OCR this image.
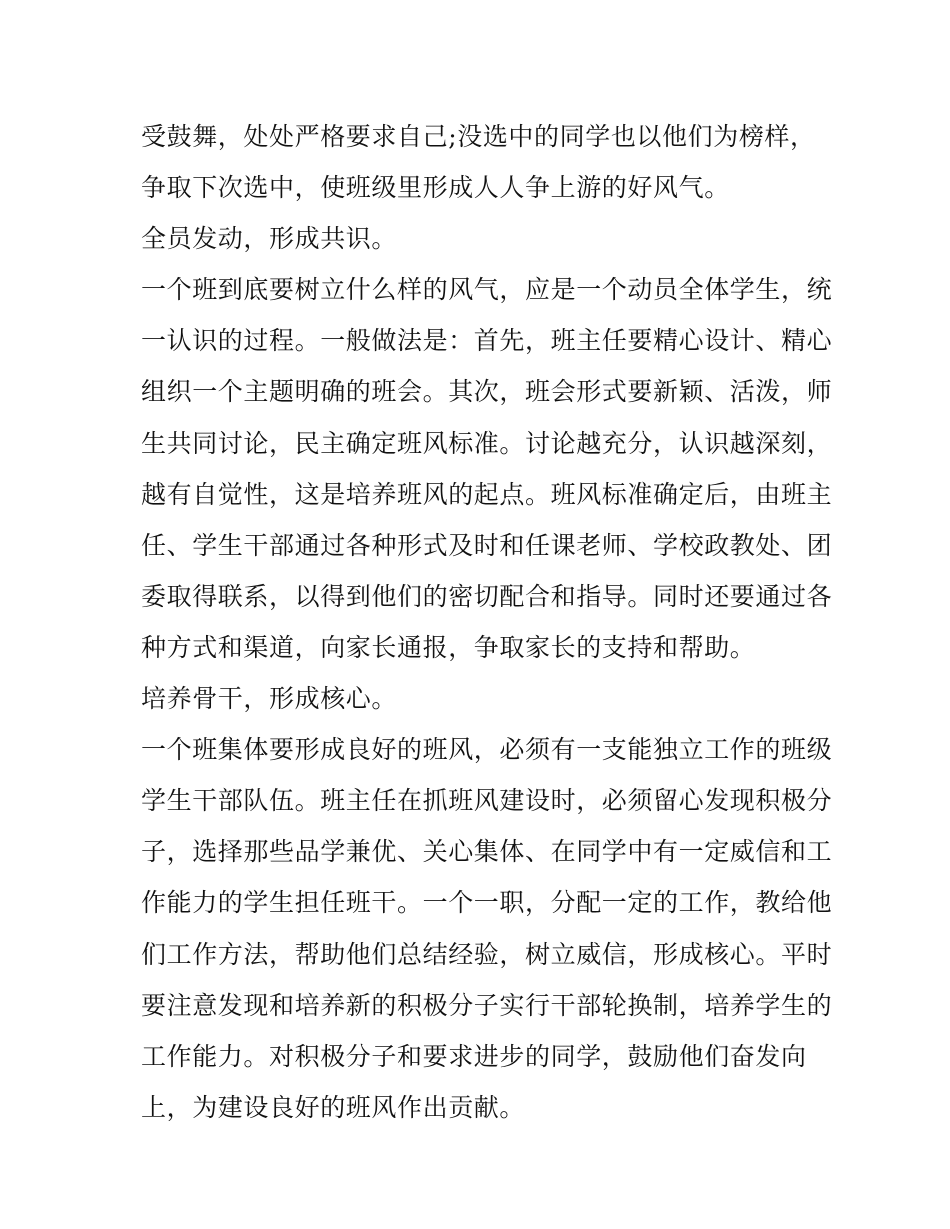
受鼓舞，处处严格要求自己;没选中的同学也以他们为榜样，
争取下次选中，使班级里形成人人争上游的好风气。
全员发动，形成共识。
一个班到底要树立什么样的风气，应是一个动员全体学生，统
一认识的过程。一般做法是：首先，班主任要精心设计、精心
组织一个主题明确的班会。其次，班会形式要新颖、活泼，师
生共同讨论，民主确定班风标准。讨论越充分，认识越深刻，
越有自觉性，这是培养班风的起点。班风标准确定后，由班主
任、学生干部通过各种形式及时和任课老师、学校政教处、团
委取得联系，以得到他们的密切配合和指导。同时还要通过各
种方式和渠道，向家长通报，争取家长的支持和帮助。
培养骨干，形成核心。
一个班集体要形成良好的班风，必须有一支能独立工作的班级
学生干部队伍。班主任在抓班风建设时，必须留心发现积极分
子，选择那些品学兼优、关心集体、在同学中有一定威信和工
作能力的学生担任班干。一个一职，分配一定的工作，教给他
们工作方法，帮助他们总结经验，树立威信，形成核心。平时
要注意发现和培养新的积极分子实行干部轮换制，培养学生的
工作能力。对积极分子和要求进步的同学，鼓励他们奋发向
上，为建设良好的班风作出贡献。
